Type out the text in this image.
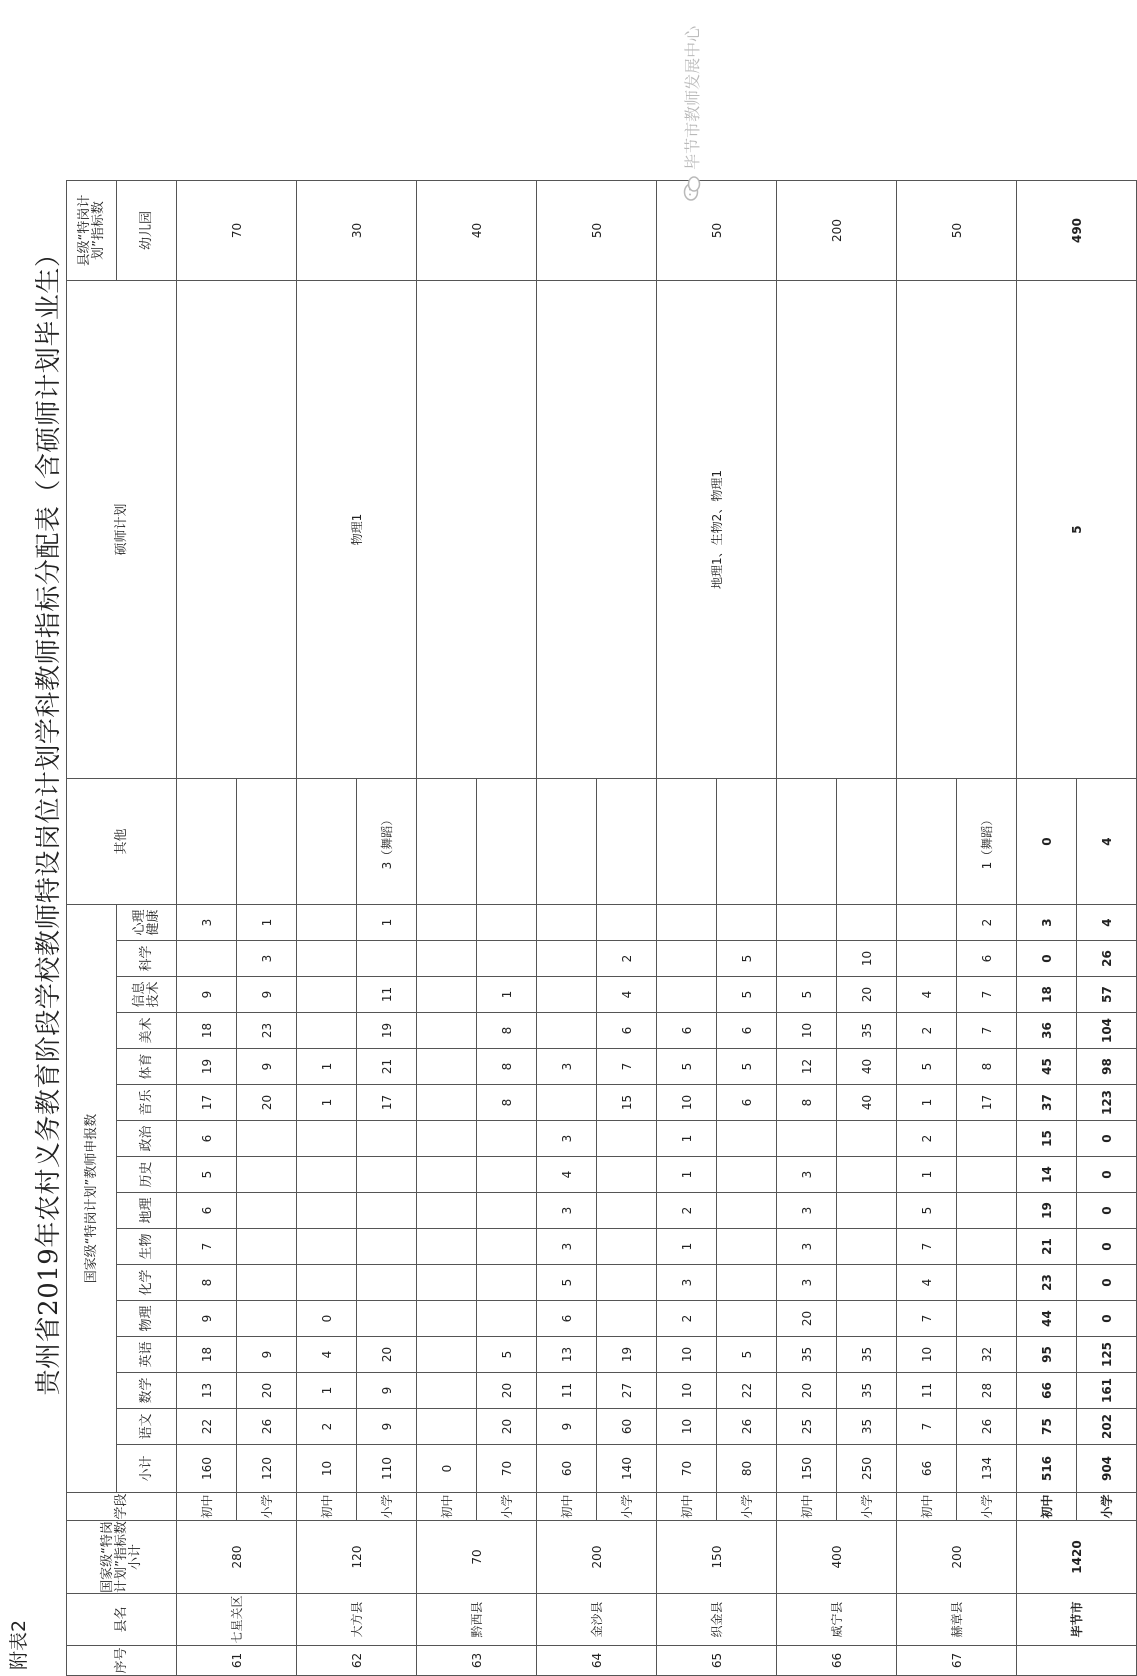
附表2
贵州省2019年农村义务教育阶段学校教师特设岗位计划学科教师指标分配表（含硕师计划毕业生）
序号	县名	国家级“特岗计划”指标数小计	学段	国家级“特岗计划”教师申报数																其他	硕师计划	县级“特岗计划”指标数
				小计	语文	数学	英语	物理	化学	生物	地理	历史	政治	音乐	体育	美术	信息技术	科学	心理健康			幼儿园
61	七星关区	280	初中	160	22	13	18	9	8	7	6	5	6	17	19	18	9		3			70
			小学	120	26	20	9							20	9	23	9	3	1			
62	大方县	120	初中	10	2	1	4	0						1	1						物理1	30
			小学	110	9	9	20							17	21	19	11		1	3（舞蹈）		
63	黔西县	70	初中	0																		40
			小学	70	20	20	5							8	8	8	1					
64	金沙县	200	初中	60	9	11	13	6	5	3	3	4	3		3							50
			小学	140	60	27	19							15	7	6	4	2				
65	织金县	150	初中	70	10	10	10	2	3	1	2	1	1	10	5	6					地理1、生物2、物理1	50
			小学	80	26	22	5							6	5	6	5	5				
66	威宁县	400	初中	150	25	20	35	20	3	3	3	3		8	12	10	5					200
			小学	250	35	35	35							40	40	35	20	10				
67	赫章县	200	初中	66	7	11	10	7	4	7	5	1	2	1	5	2	4					50
			小学	134	26	28	32							17	8	7	7	6	2	1（舞蹈）		
	毕节市	1420	初中	516	75	66	95	44	23	21	19	14	15	37	45	36	18	0	3	0	5	490
			小学	904	202	161	125	0	0	0	0	0	0	123	98	104	57	26	4	4		
毕节市教师发展中心
